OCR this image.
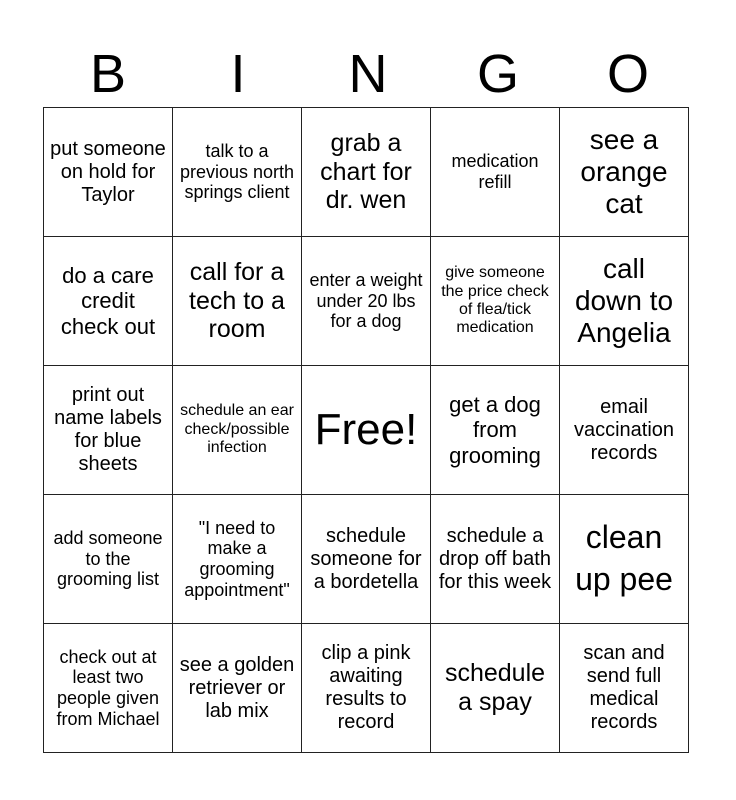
B	I	N	G	O
put someone on hold for Taylor	talk to a previous north springs client	grab a chart for dr. wen	medication refill	see a orange cat
do a care credit check out	call for a tech to a room	enter a weight under 20 lbs for a dog	give someone the price check of flea/tick medication	call down to Angelia
print out name labels for blue sheets	schedule an ear check/possible infection	Free!	get a dog from grooming	email vaccination records
add someone to the grooming list	"I need to make a grooming appointment"	schedule someone for a bordetella	schedule a drop off bath for this week	clean up pee
check out at least two people given from Michael	see a golden retriever or lab mix	clip a pink awaiting results to record	schedule a spay	scan and send full medical records
